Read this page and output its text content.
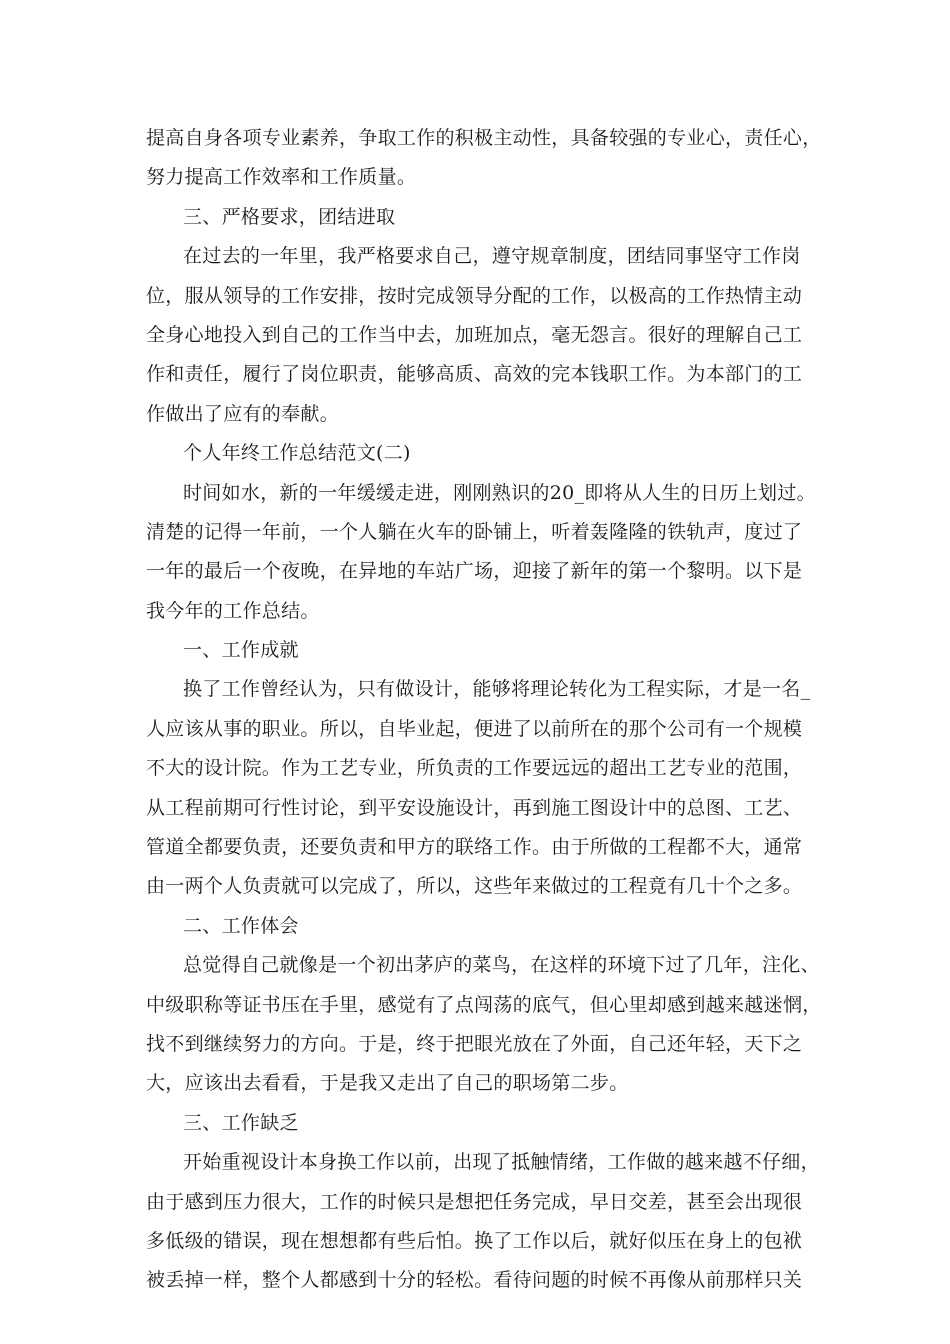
提高自身各项专业素养，争取工作的积极主动性，具备较强的专业心，责任心，
努力提高工作效率和工作质量。
三、严格要求，团结进取
在过去的一年里，我严格要求自己，遵守规章制度，团结同事坚守工作岗
位，服从领导的工作安排，按时完成领导分配的工作，以极高的工作热情主动
全身心地投入到自己的工作当中去，加班加点，毫无怨言。很好的理解自己工
作和责任，履行了岗位职责，能够高质、高效的完本钱职工作。为本部门的工
作做出了应有的奉献。
个人年终工作总结范文(二)
时间如水，新的一年缓缓走进，刚刚熟识的20_即将从人生的日历上划过。
清楚的记得一年前，一个人躺在火车的卧铺上，听着轰隆隆的铁轨声，度过了
一年的最后一个夜晚，在异地的车站广场，迎接了新年的第一个黎明。以下是
我今年的工作总结。
一、工作成就
换了工作曾经认为，只有做设计，能够将理论转化为工程实际，才是一名_
人应该从事的职业。所以，自毕业起，便进了以前所在的那个公司有一个规模
不大的设计院。作为工艺专业，所负责的工作要远远的超出工艺专业的范围，
从工程前期可行性讨论，到平安设施设计，再到施工图设计中的总图、工艺、
管道全都要负责，还要负责和甲方的联络工作。由于所做的工程都不大，通常
由一两个人负责就可以完成了，所以，这些年来做过的工程竟有几十个之多。
二、工作体会
总觉得自己就像是一个初出茅庐的菜鸟，在这样的环境下过了几年，注化、
中级职称等证书压在手里，感觉有了点闯荡的底气，但心里却感到越来越迷惘，
找不到继续努力的方向。于是，终于把眼光放在了外面，自己还年轻，天下之
大，应该出去看看，于是我又走出了自己的职场第二步。
三、工作缺乏
开始重视设计本身换工作以前，出现了抵触情绪，工作做的越来越不仔细，
由于感到压力很大，工作的时候只是想把任务完成，早日交差，甚至会出现很
多低级的错误，现在想想都有些后怕。换了工作以后，就好似压在身上的包袱
被丢掉一样，整个人都感到十分的轻松。看待问题的时候不再像从前那样只关
